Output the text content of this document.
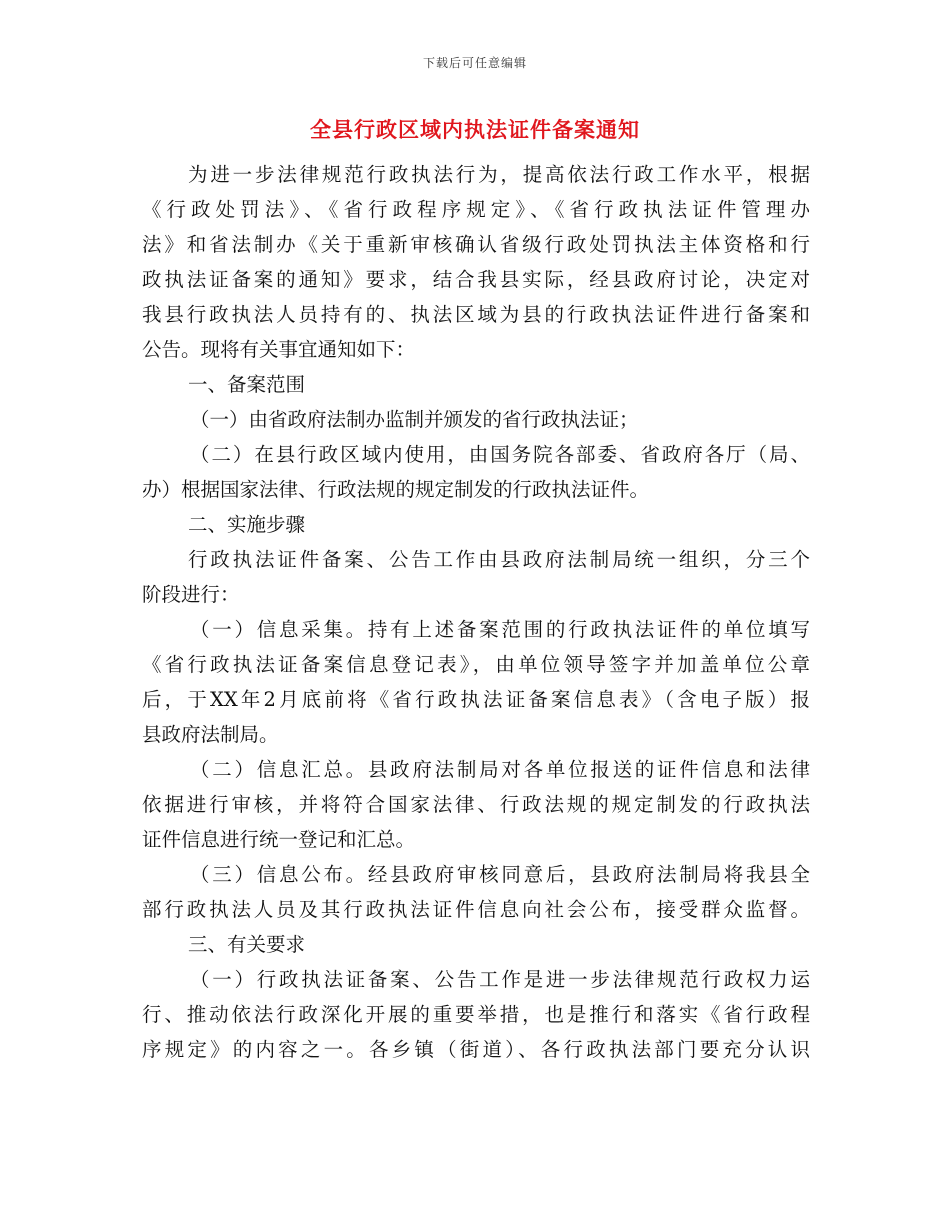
下载后可任意编辑
全县行政区域内执法证件备案通知
为进一步法律规范行政执法行为，提高依法行政工作水平，根据
《行政处罚法》、《省行政程序规定》、《省行政执法证件管理办
法》和省法制办《关于重新审核确认省级行政处罚执法主体资格和行
政执法证备案的通知》要求，结合我县实际，经县政府讨论，决定对
我县行政执法人员持有的、执法区域为县的行政执法证件进行备案和
公告。现将有关事宜通知如下：
一、备案范围
（一）由省政府法制办监制并颁发的省行政执法证；
（二）在县行政区域内使用，由国务院各部委、省政府各厅（局、
办）根据国家法律、行政法规的规定制发的行政执法证件。
二、实施步骤
行政执法证件备案、公告工作由县政府法制局统一组织，分三个
阶段进行：
（一）信息采集。持有上述备案范围的行政执法证件的单位填写
《省行政执法证备案信息登记表》，由单位领导签字并加盖单位公章
后，于XX年2月底前将《省行政执法证备案信息表》（含电子版）报
县政府法制局。
（二）信息汇总。县政府法制局对各单位报送的证件信息和法律
依据进行审核，并将符合国家法律、行政法规的规定制发的行政执法
证件信息进行统一登记和汇总。
（三）信息公布。经县政府审核同意后，县政府法制局将我县全
部行政执法人员及其行政执法证件信息向社会公布，接受群众监督。
三、有关要求
（一）行政执法证备案、公告工作是进一步法律规范行政权力运
行、推动依法行政深化开展的重要举措，也是推行和落实《省行政程
序规定》的内容之一。各乡镇（街道）、各行政执法部门要充分认识
